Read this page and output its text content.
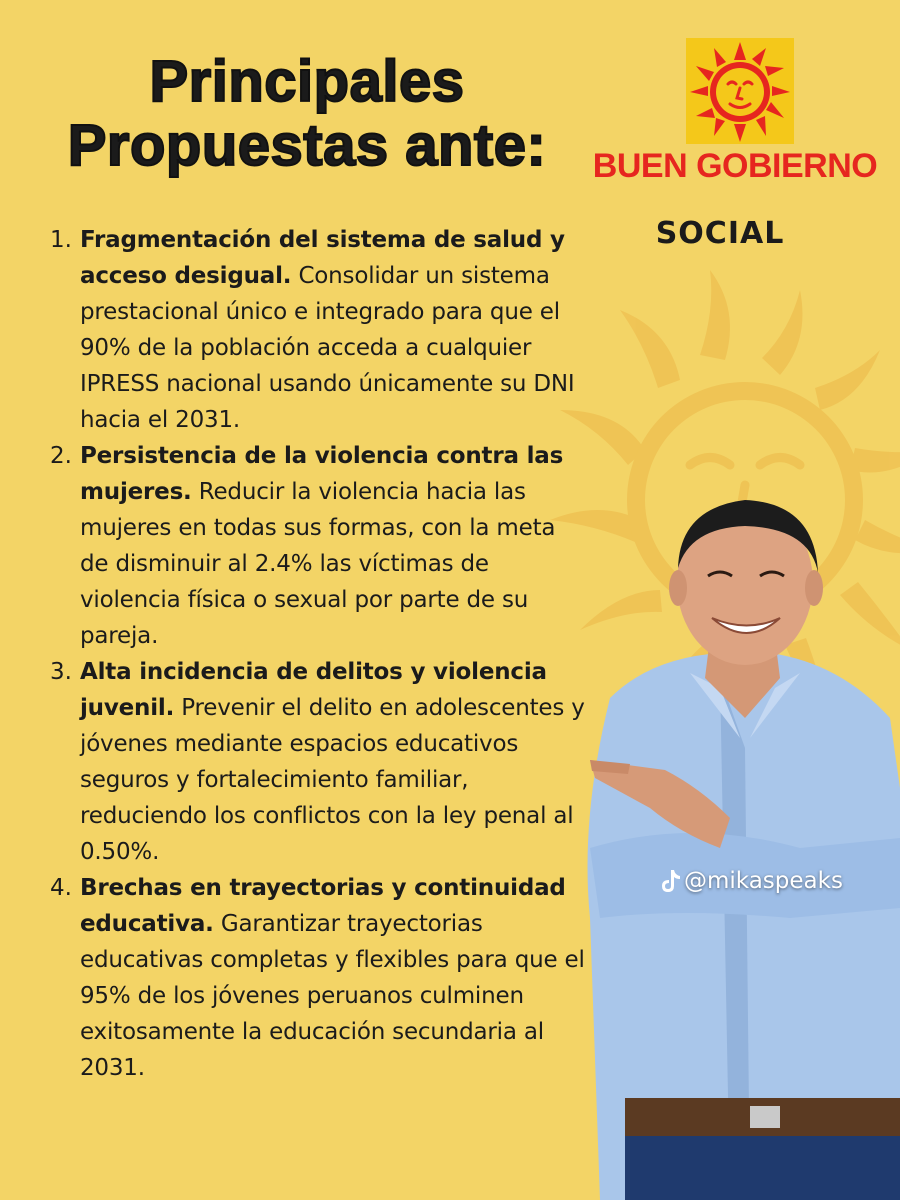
Principales
Propuestas ante:	BUEN GOBIERNO
SOCIAL
1. Fragmentación del sistema de salud y acceso desigual. Consolidar un sistema prestacional único e integrado para que el 90% de la población acceda a cualquier IPRESS nacional usando únicamente su DNI hacia el 2031.
2. Persistencia de la violencia contra las mujeres. Reducir la violencia hacia las mujeres en todas sus formas, con la meta de disminuir al 2.4% las víctimas de violencia física o sexual por parte de su pareja.
3. Alta incidencia de delitos y violencia juvenil. Prevenir el delito en adolescentes y jóvenes mediante espacios educativos seguros y fortalecimiento familiar, reduciendo los conflictos con la ley penal al 0.50%.
4. Brechas en trayectorias y continuidad educativa. Garantizar trayectorias educativas completas y flexibles para que el 95% de los jóvenes peruanos culminen exitosamente la educación secundaria al 2031.
@mikaspeaks
